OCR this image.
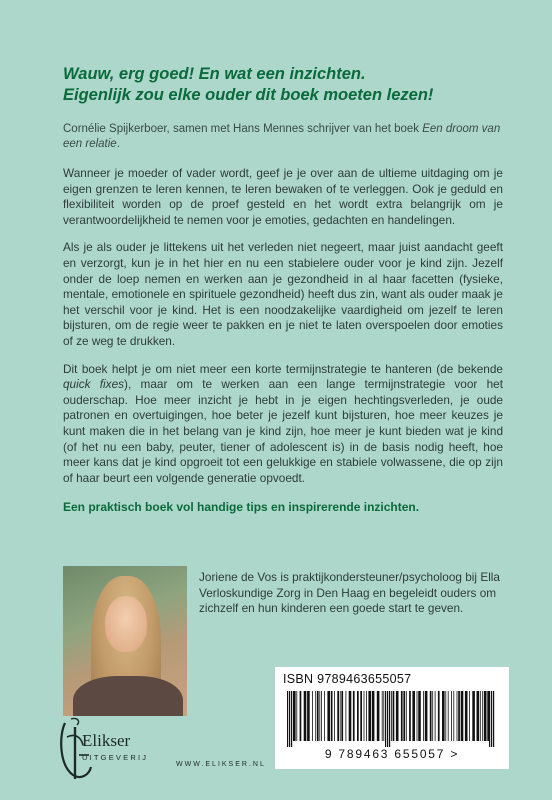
Wauw, erg goed! En wat een inzichten.
Eigenlijk zou elke ouder dit boek moeten lezen!

Cornélie Spijkerboer, samen met Hans Mennes schrijver van het boek Een droom van een relatie.
Wanneer je moeder of vader wordt, geef je je over aan de ultieme uitdaging om je eigen grenzen te leren kennen, te leren bewaken of te verleggen. Ook je geduld en flexibiliteit worden op de proef gesteld en het wordt extra belangrijk om je verantwoordelijkheid te nemen voor je emoties, gedachten en handelingen.
Als je als ouder je littekens uit het verleden niet negeert, maar juist aandacht geeft en verzorgt, kun je in het hier en nu een stabielere ouder voor je kind zijn. Jezelf onder de loep nemen en werken aan je gezondheid in al haar facetten (fysieke, mentale, emotionele en spirituele gezondheid) heeft dus zin, want als ouder maak je het verschil voor je kind. Het is een noodzakelijke vaardigheid om jezelf te leren bijsturen, om de regie weer te pakken en je niet te laten overspoelen door emoties of ze weg te drukken.
Dit boek helpt je om niet meer een korte termijnstrategie te hanteren (de bekende quick fixes), maar om te werken aan een lange termijnstrategie voor het ouderschap. Hoe meer inzicht je hebt in je eigen hechtingsverleden, je oude patronen en overtuigingen, hoe beter je jezelf kunt bijsturen, hoe meer keuzes je kunt maken die in het belang van je kind zijn, hoe meer je kunt bieden wat je kind (of het nu een baby, peuter, tiener of adolescent is) in de basis nodig heeft, hoe meer kans dat je kind opgroeit tot een gelukkige en stabiele volwassene, die op zijn of haar beurt een volgende generatie opvoedt.
Een praktisch boek vol handige tips en inspirerende inzichten.
Joriene de Vos is praktijkondersteuner/psycholoog bij Ella Verloskundige Zorg in Den Haag en begeleidt ouders om zichzelf en hun kinderen een goede start te geven.
ISBN 9789463655057
9 789463 655057 >
Elikser
UITGEVERIJ
WWW.ELIKSER.NL
